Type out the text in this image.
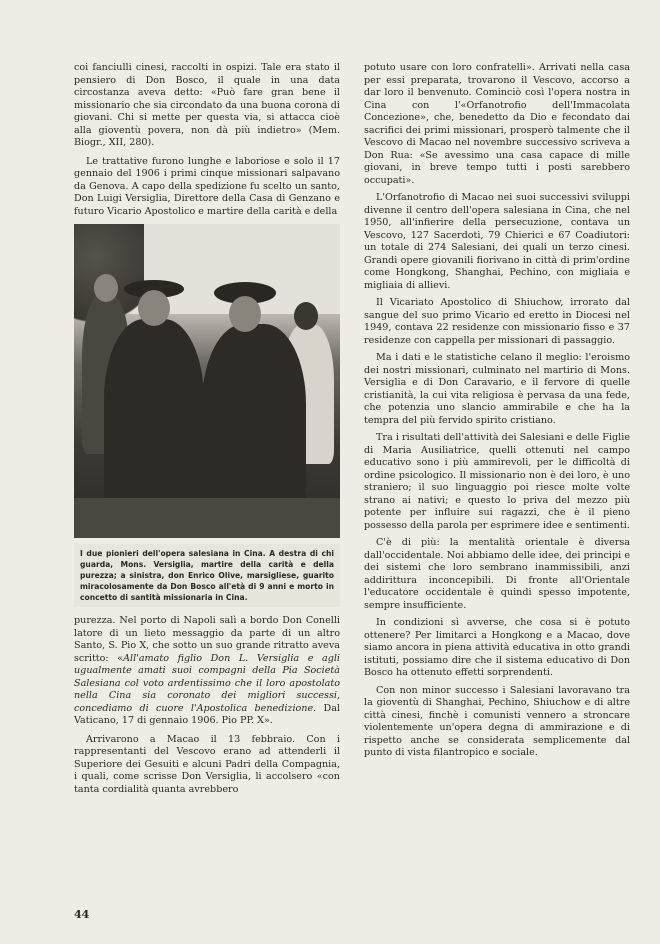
coi fanciulli cinesi, raccolti in ospizi. Tale era stato il pensiero di Don Bosco, il quale in una data circostanza aveva detto: «Può fare gran bene il missionario che sia circondato da una buona corona di giovani. Chi si mette per questa via, si attacca cioè alla gioventù povera, non dà più indietro» (Mem. Biogr., XII, 280).

Le trattative furono lunghe e laboriose e solo il 17 gennaio del 1906 i primi cinque missionari salpavano da Genova. A capo della spedizione fu scelto un santo, Don Luigi Versiglia, Direttore della Casa di Genzano e futuro Vicario Apostolico e martire della carità e della

I due pionieri dell'opera salesiana in Cina. A destra di chi guarda, Mons. Versiglia, martire della carità e della purezza; a sinistra, don Enrico Olive, marsigliese, guarito miracolosamente da Don Bosco all'età di 9 anni e morto in concetto di santità missionaria in Cina.

purezza. Nel porto di Napoli salì a bordo Don Conelli latore di un lieto messaggio da parte di un altro Santo, S. Pio X, che sotto un suo grande ritratto aveva scritto: «All'amato figlio Don L. Versiglia e agli ugualmente amati suoi compagni della Pia Società Salesiana col voto ardentissimo che il loro apostolato nella Cina sia coronato dei migliori successi, concediamo di cuore l'Apostolica benedizione. Dal Vaticano, 17 di gennaio 1906. Pio PP. X».

Arrivarono a Macao il 13 febbraio. Con i rappresentanti del Vescovo erano ad attenderli il Superiore dei Gesuiti e alcuni Padri della Compagnia, i quali, come scrisse Don Versiglia, li accolsero «con tanta cordialità quanta avrebbero

potuto usare con loro confratelli». Arrivati nella casa per essi preparata, trovarono il Vescovo, accorso a dar loro il benvenuto. Cominciò così l'opera nostra in Cina con l'«Orfanotrofio dell'Immacolata Concezione», che, benedetto da Dio e fecondato dai sacrifici dei primi missionari, prosperò talmente che il Vescovo di Macao nel novembre successivo scriveva a Don Rua: «Se avessimo una casa capace di mille giovani, in breve tempo tutti i posti sarebbero occupati».

L'Orfanotrofio di Macao nei suoi successivi sviluppi divenne il centro dell'opera salesiana in Cina, che nel 1950, all'infierire della persecuzione, contava un Vescovo, 127 Sacerdoti, 79 Chierici e 67 Coadiutori: un totale di 274 Salesiani, dei quali un terzo cinesi. Grandi opere giovanili fiorivano in città di prim'ordine come Hongkong, Shanghai, Pechino, con migliaia e migliaia di allievi.

Il Vicariato Apostolico di Shiuchow, irrorato dal sangue del suo primo Vicario ed eretto in Diocesi nel 1949, contava 22 residenze con missionario fisso e 37 residenze con cappella per missionari di passaggio.

Ma i dati e le statistiche celano il meglio: l'eroismo dei nostri missionari, culminato nel martirio di Mons. Versiglia e di Don Caravario, e il fervore di quelle cristianità, la cui vita religiosa è pervasa da una fede, che potenzia uno slancio ammirabile e che ha la tempra del più fervido spirito cristiano.

Tra i risultati dell'attività dei Salesiani e delle Figlie di Maria Ausiliatrice, quelli ottenuti nel campo educativo sono i più ammirevoli, per le difficoltà di ordine psicologico. Il missionario non è dei loro, è uno straniero; il suo linguaggio poi riesce molte volte strano ai nativi; e questo lo priva del mezzo più potente per influire sui ragazzi, che è il pieno possesso della parola per esprimere idee e sentimenti.

C'è di più: la mentalità orientale è diversa dall'occidentale. Noi abbiamo delle idee, dei principi e dei sistemi che loro sembrano inammissibili, anzi addirittura inconcepibili. Di fronte all'Orientale l'educatore occidentale è quindi spesso impotente, sempre insufficiente.

In condizioni sì avverse, che cosa si è potuto ottenere? Per limitarci a Hongkong e a Macao, dove siamo ancora in piena attività educativa in otto grandi istituti, possiamo dire che il sistema educativo di Don Bosco ha ottenuto effetti sorprendenti.

Con non minor successo i Salesiani lavoravano tra la gioventù di Shanghai, Pechino, Shiuchow e di altre città cinesi, finchè i comunisti vennero a stroncare violentemente un'opera degna di ammirazione e di rispetto anche se considerata semplicemente dal punto di vista filantropico e sociale.

44
